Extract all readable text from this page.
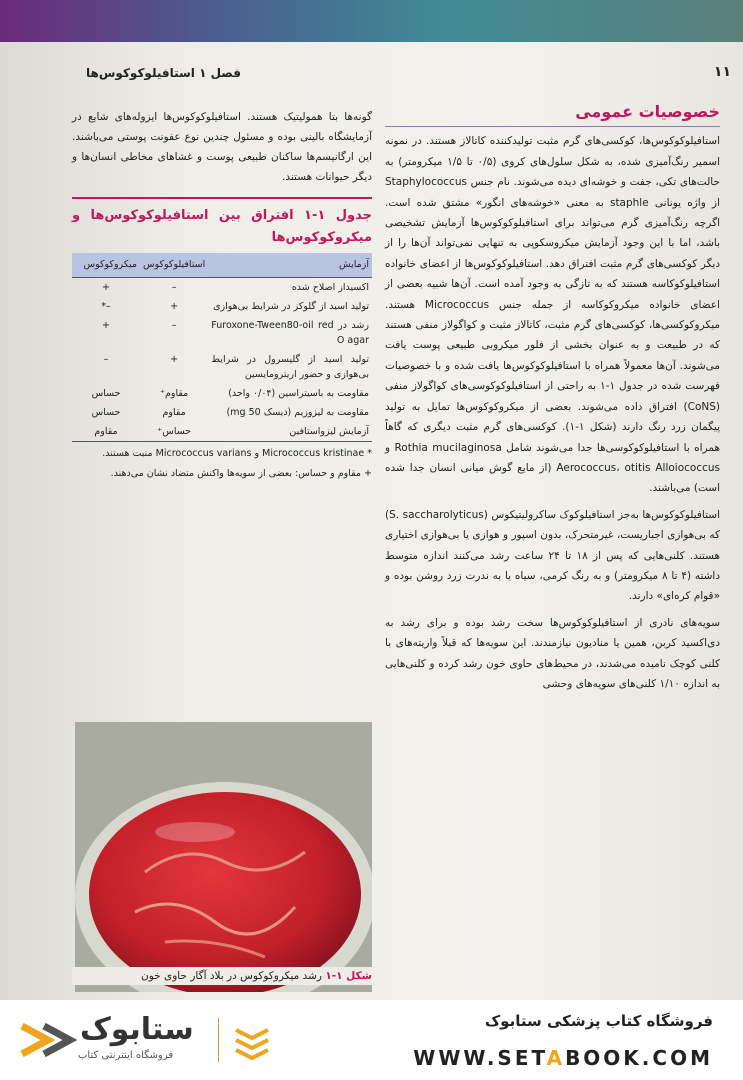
۱۱
فصل ۱ استافیلوکوکوس‌ها
خصوصیات عمومی

استافیلوکوکوس‌ها، کوکسی‌های گرم مثبت تولیدکننده کاتالاز هستند. در نمونه اسمیر رنگ‌آمیزی شده، به شکل سلول‌های کروی (۰/۵ تا ۱/۵ میکرومتر) به حالت‌های تکی، جفت و خوشه‌ای دیده می‌شوند. نام جنس Staphylococcus از واژه یونانی staphle به معنی «خوشه‌های انگور» مشتق شده است. اگرچه رنگ‌آمیزی گرم می‌تواند برای استافیلوکوکوس‌ها آزمایش تشخیصی باشد، اما با این وجود آزمایش میکروسکوپی به تنهایی نمی‌تواند آن‌ها را از دیگر کوکسی‌های گرم مثبت افتراق دهد. استافیلوکوکوس‌ها از اعضای خانواده استافیلوکوکاسه هستند که به تازگی به وجود آمده است. آن‌ها شبیه بعضی از اعضای خانواده میکروکوکاسه از جمله جنس Micrococcus هستند. میکروکوکسی‌ها، کوکسی‌های گرم مثبت، کاتالاز مثبت و کواگولاز منفی هستند که در طبیعت و به عنوان بخشی از فلور میکروبی طبیعی پوست یافت می‌شوند. آن‌ها معمولاً همراه با استافیلوکوکوس‌ها یافت شده و با خصوصیات فهرست شده در جدول ۱-۱ به راحتی از استافیلوکوکوسی‌های کواگولاز منفی (CoNS) افتراق داده می‌شوند. بعضی از میکروکوکوس‌ها تمایل به تولید پیگمان زرد رنگ دارند (شکل ۱-۱). کوکسی‌های گرم مثبت دیگری که گاهاً همراه با استافیلوکوکوسی‌ها جدا می‌شوند شامل Rothia mucilaginosa و Aerococcus، otitis Alloiococcus (از مایع گوش میانی انسان جدا شده است) می‌باشند.

استافیلوکوکوس‌ها به‌جز استافیلوکوک ساکرولیتیکوس (S. saccharolyticus) که بی‌هوازی اجباریست، غیرمتحرک، بدون اسپور و هوازی یا بی‌هوازی اختیاری هستند. کلنی‌هایی که پس از ۱۸ تا ۲۴ ساعت رشد می‌کنند اندازه متوسط داشته (۴ تا ۸ میکرومتر) و به رنگ کرمی، سیاه یا به ندرت زرد روشن بوده و «قوام کره‌ای» دارند.

سویه‌های نادری از استافیلوکوکوس‌ها سخت رشد بوده و برای رشد به دی‌اکسید کربن، همین یا منادیون نیازمندند. این سویه‌ها که قبلاً واریته‌های با کلنی کوچک نامیده می‌شدند، در محیط‌های حاوی خون رشد کرده و کلنی‌هایی به اندازه ۱/۱۰ کلنی‌های سویه‌های وحشی

گونه‌ها بتا همولیتیک هستند. استافیلوکوکوس‌ها ایزوله‌های شایع در آزمایشگاه بالینی بوده و مسئول چندین نوع عفونت پوستی می‌باشند. این ارگانیسم‌ها ساکنان طبیعی پوست و غشاهای مخاطی انسان‌ها و دیگر حیوانات هستند.

جدول ۱-۱ افتراق بین استافیلوکوکوس‌ها و میکروکوکوس‌ها
آزمایش	استافیلوکوکوس	میکروکوکوس
اکسیداز اصلاح شده	–	+
تولید اسید از گلوکز در شرایط بی‌هوازی	+	–*
رشد در Furoxone-Tween80-oil red O agar	–	+
تولید اسید از گلیسرول در شرایط بی‌هوازی و حضور اریترومایسین	+	–
مقاومت به باسیتراسین (۰/۰۴ واحد)	مقاوم⁺	حساس
مقاومت به لیزوزیم (دیسک 50 mg)	مقاوم	حساس
آزمایش لیزواستافین	حساس⁺	مقاوم
* Micrococcus kristinae و Micrococcus varians منبت هستند.
+ مقاوم و حساس: بعضی از سویه‌ها واکنش متضاد نشان می‌دهند.
شکل ۱-۱ رشد میکروکوکوس در بلاد آگار حاوی خون
ستابوک
فروشگاه اینترنتی کتاب
فروشگاه کتاب پزشکی ستابوک
WWW.SETABOOK.COM
